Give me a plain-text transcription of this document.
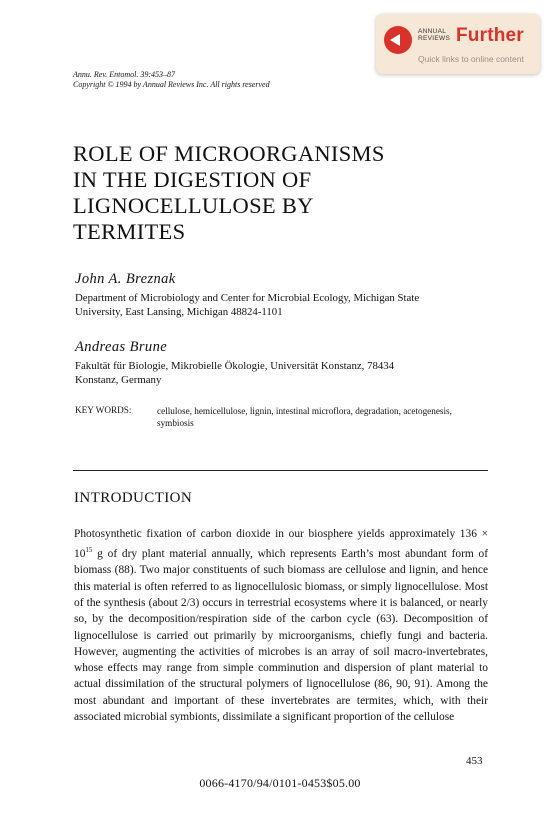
ANNUAL
REVIEWS Further
Quick links to online content
Annu. Rev. Entomol. 39:453–87
Copyright © 1994 by Annual Reviews Inc. All rights reserved
ROLE OF MICROORGANISMS
IN THE DIGESTION OF
LIGNOCELLULOSE BY
TERMITES
John A. Breznak
Department of Microbiology and Center for Microbial Ecology, Michigan State
University, East Lansing, Michigan 48824-1101
Andreas Brune
Fakultät für Biologie, Mikrobielle Ökologie, Universität Konstanz, 78434
Konstanz, Germany
KEY WORDS:	cellulose, hemicellulose, lignin, intestinal microflora, degradation, acetogenesis, symbiosis
INTRODUCTION

Photosynthetic fixation of carbon dioxide in our biosphere yields approximately $136 \times 10^{15}$ g of dry plant material annually, which represents Earth’s most abundant form of biomass (88). Two major constituents of such biomass are cellulose and lignin, and hence this material is often referred to as lignocellulosic biomass, or simply lignocellulose. Most of the synthesis (about 2/3) occurs in terrestrial ecosystems where it is balanced, or nearly so, by the decomposition/respiration side of the carbon cycle (63). Decomposition of lignocellulose is carried out primarily by microorganisms, chiefly fungi and bacteria. However, augmenting the activities of microbes is an array of soil macro-invertebrates, whose effects may range from simple comminution and dispersion of plant material to actual dissimilation of the structural polymers of lignocellulose (86, 90, 91). Among the most abundant and important of these invertebrates are termites, which, with their associated microbial symbionts, dissimilate a significant proportion of the cellulose

453
0066-4170/94/0101-0453$05.00
